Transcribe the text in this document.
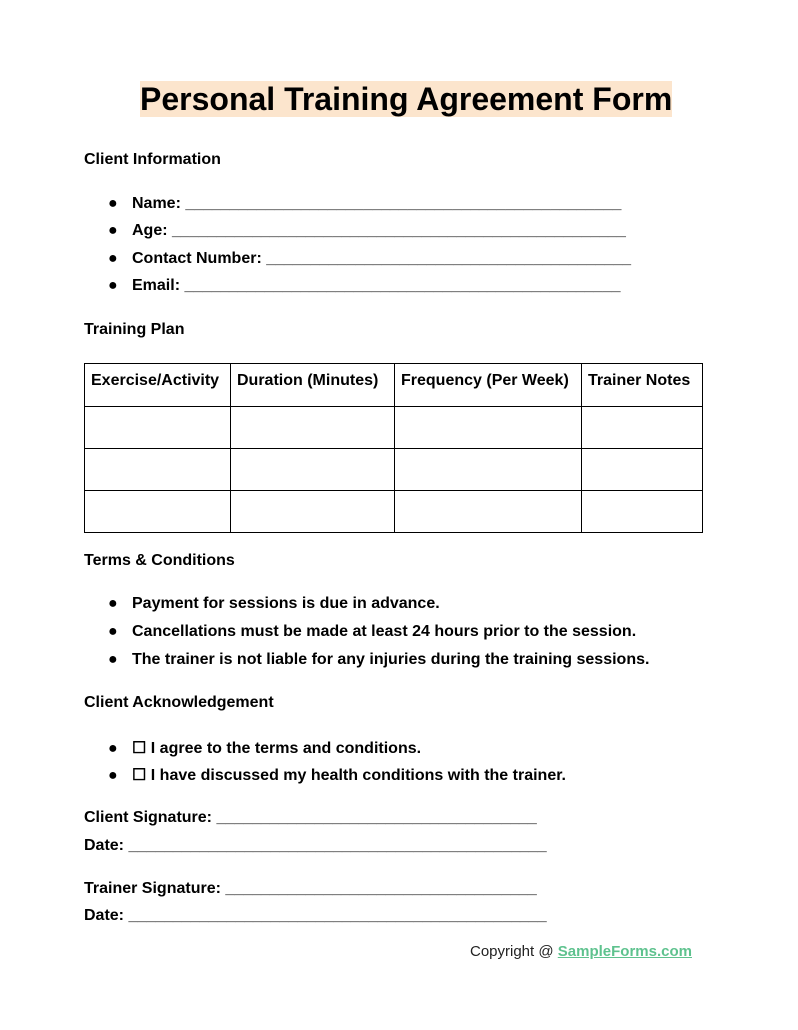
Personal Training Agreement Form
Client Information
● Name: _________________________________________________
● Age: ___________________________________________________
● Contact Number: _________________________________________
● Email: _________________________________________________
Training Plan
Exercise/Activity	Duration (Minutes)	Frequency (Per Week)	Trainer Notes

Terms & Conditions
● Payment for sessions is due in advance.
● Cancellations must be made at least 24 hours prior to the session.
● The trainer is not liable for any injuries during the training sessions.
Client Acknowledgement
● ☐ I agree to the terms and conditions.
● ☐ I have discussed my health conditions with the trainer.
Client Signature: ____________________________________
Date: _______________________________________________
Trainer Signature: ___________________________________
Date: _______________________________________________
Copyright @ SampleForms.com
